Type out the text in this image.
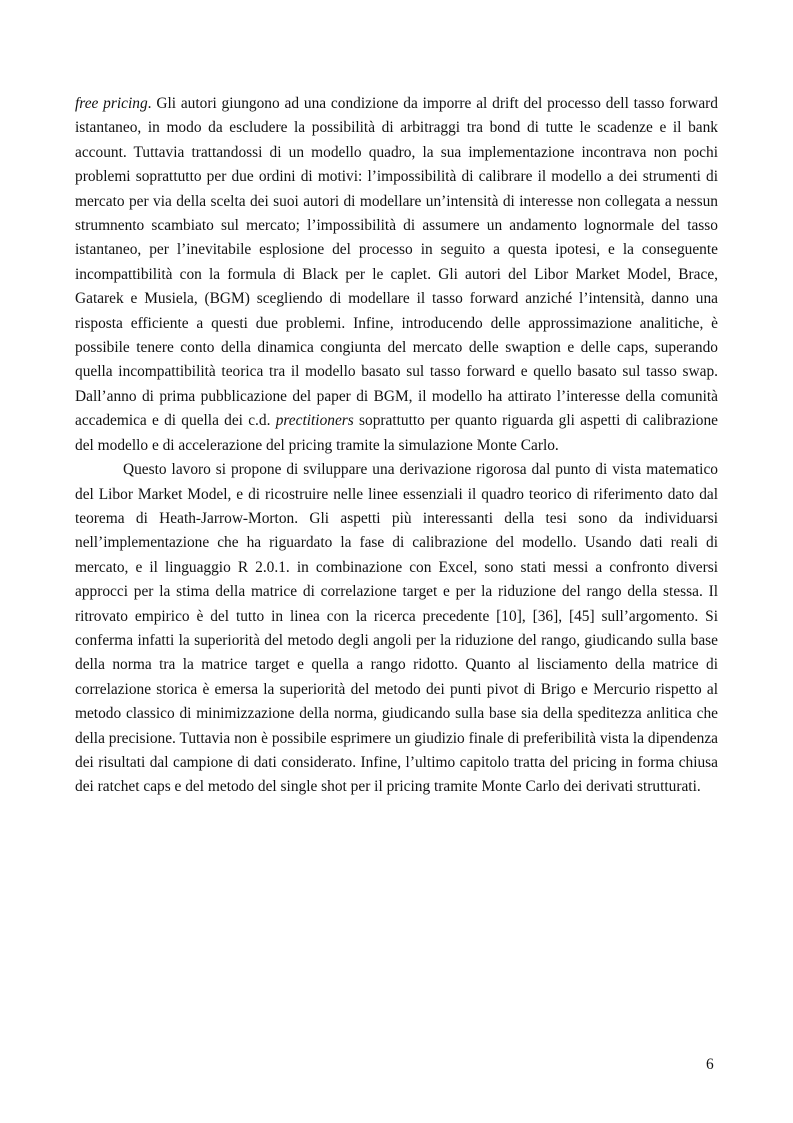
free pricing. Gli autori giungono ad una condizione da imporre al drift del processo dell tasso forward istantaneo, in modo da escludere la possibilità di arbitraggi tra bond di tutte le scadenze e il bank account. Tuttavia trattandossi di un modello quadro, la sua implementazione incontrava non pochi problemi soprattutto per due ordini di motivi: l’impossibilità di calibrare il modello a dei strumenti di mercato per via della scelta dei suoi autori di modellare un’intensità di interesse non collegata a nessun strumnento scambiato sul mercato; l’impossibilità di assumere un andamento lognormale del tasso istantaneo, per l’inevitabile esplosione del processo in seguito a questa ipotesi, e la conseguente incompattibilità con la formula di Black per le caplet. Gli autori del Libor Market Model, Brace, Gatarek e Musiela, (BGM) scegliendo di modellare il tasso forward anziché l’intensità, danno una risposta efficiente a questi due problemi. Infine, introducendo delle approssimazione analitiche, è possibile tenere conto della dinamica congiunta del mercato delle swaption e delle caps, superando quella incompattibilità teorica tra il modello basato sul tasso forward e quello basato sul tasso swap. Dall’anno di prima pubblicazione del paper di BGM, il modello ha attirato l’interesse della comunità accademica e di quella dei c.d. prectitioners soprattutto per quanto riguarda gli aspetti di calibrazione del modello e di accelerazione del pricing tramite la simulazione Monte Carlo.

Questo lavoro si propone di sviluppare una derivazione rigorosa dal punto di vista matematico del Libor Market Model, e di ricostruire nelle linee essenziali il quadro teorico di riferimento dato dal teorema di Heath-Jarrow-Morton. Gli aspetti più interessanti della tesi sono da individuarsi nell’implementazione che ha riguardato la fase di calibrazione del modello. Usando dati reali di mercato, e il linguaggio R 2.0.1. in combinazione con Excel, sono stati messi a confronto diversi approcci per la stima della matrice di correlazione target e per la riduzione del rango della stessa. Il ritrovato empirico è del tutto in linea con la ricerca precedente [10], [36], [45] sull’argomento. Si conferma infatti la superiorità del metodo degli angoli per la riduzione del rango, giudicando sulla base della norma tra la matrice target e quella a rango ridotto. Quanto al lisciamento della matrice di correlazione storica è emersa la superiorità del metodo dei punti pivot di Brigo e Mercurio rispetto al metodo classico di minimizzazione della norma, giudicando sulla base sia della speditezza anlitica che della precisione. Tuttavia non è possibile esprimere un giudizio finale di preferibilità vista la dipendenza dei risultati dal campione di dati considerato. Infine, l’ultimo capitolo tratta del pricing in forma chiusa dei ratchet caps e del metodo del single shot per il pricing tramite Monte Carlo dei derivati strutturati.

6
